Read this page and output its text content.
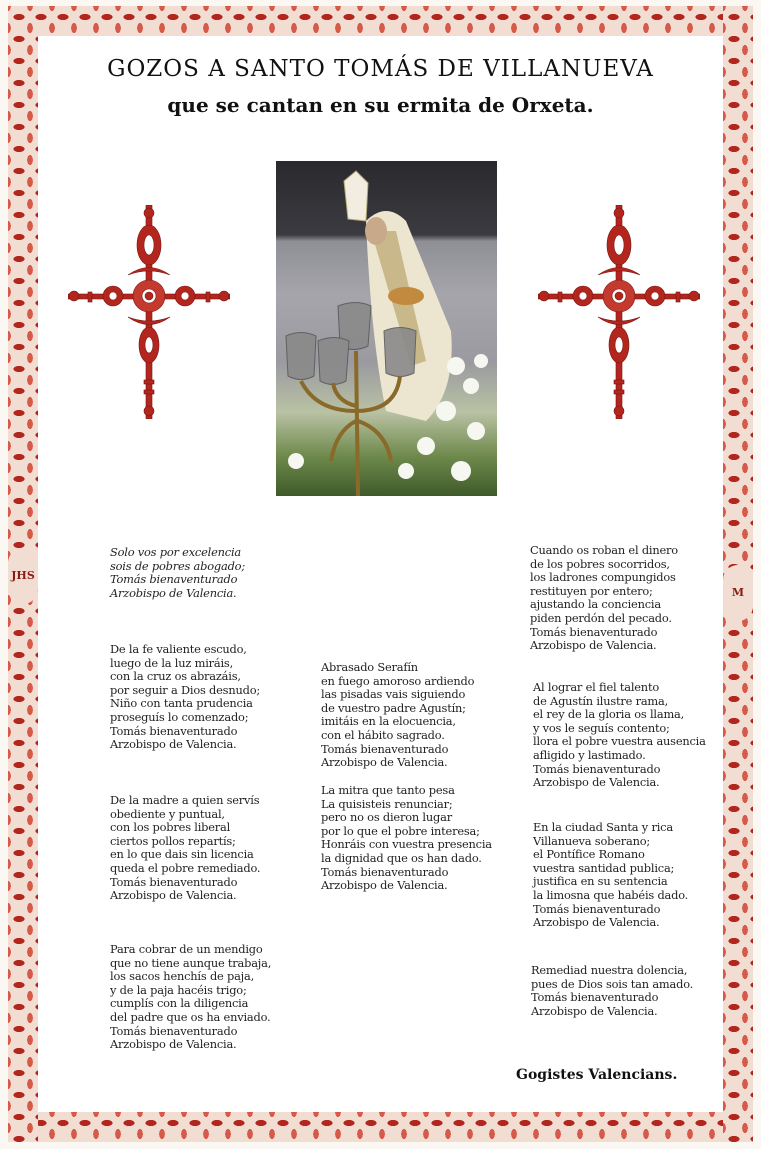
JHS
M
GOZOS A SANTO TOMÁS DE VILLANUEVA
que se cantan en su ermita de Orxeta.
Solo vos por excelencia
sois de pobres abogado;
Tomás bienaventurado
Arzobispo de Valencia.
De la fe valiente escudo,
luego de la luz miráis,
con la cruz os abrazáis,
por seguir a Dios desnudo;
Niño con tanta prudencia
proseguís lo comenzado;
Tomás bienaventurado
Arzobispo de Valencia.
De la madre a quien servís
obediente y puntual,
con los pobres liberal
ciertos pollos repartís;
en lo que dais sin licencia
queda el pobre remediado.
Tomás bienaventurado
Arzobispo de Valencia.
Para cobrar de un mendigo
que no tiene aunque trabaja,
los sacos henchís de paja,
y de la paja hacéis trigo;
cumplís con la diligencia
del padre que os ha enviado.
Tomás bienaventurado
Arzobispo de Valencia.
Abrasado Serafín
en fuego amoroso ardiendo
las pisadas vais siguiendo
de vuestro padre Agustín;
imitáis en la elocuencia,
con el hábito sagrado.
Tomás bienaventurado
Arzobispo de Valencia.
La mitra que tanto pesa
La quisisteis renunciar;
pero no os dieron lugar
por lo que el pobre interesa;
Honráis con vuestra presencia
la dignidad que os han dado.
Tomás bienaventurado
Arzobispo de Valencia.
Cuando os roban el dinero
de los pobres socorridos,
los ladrones compungidos
restituyen por entero;
ajustando la conciencia
piden perdón del pecado.
Tomás bienaventurado
Arzobispo de Valencia.
Al lograr el fiel talento
de Agustín ilustre rama,
el rey de la gloria os llama,
y vos le seguís contento;
llora el pobre vuestra ausencia
afligido y lastimado.
Tomás bienaventurado
Arzobispo de Valencia.
En la ciudad Santa y rica
Villanueva soberano;
el Pontífice Romano
vuestra santidad publica;
justifica en su sentencia
la limosna que habéis dado.
Tomás bienaventurado
Arzobispo de Valencia.
Remediad nuestra dolencia,
pues de Dios sois tan amado.
Tomás bienaventurado
Arzobispo de Valencia.
Gogistes Valencians.
